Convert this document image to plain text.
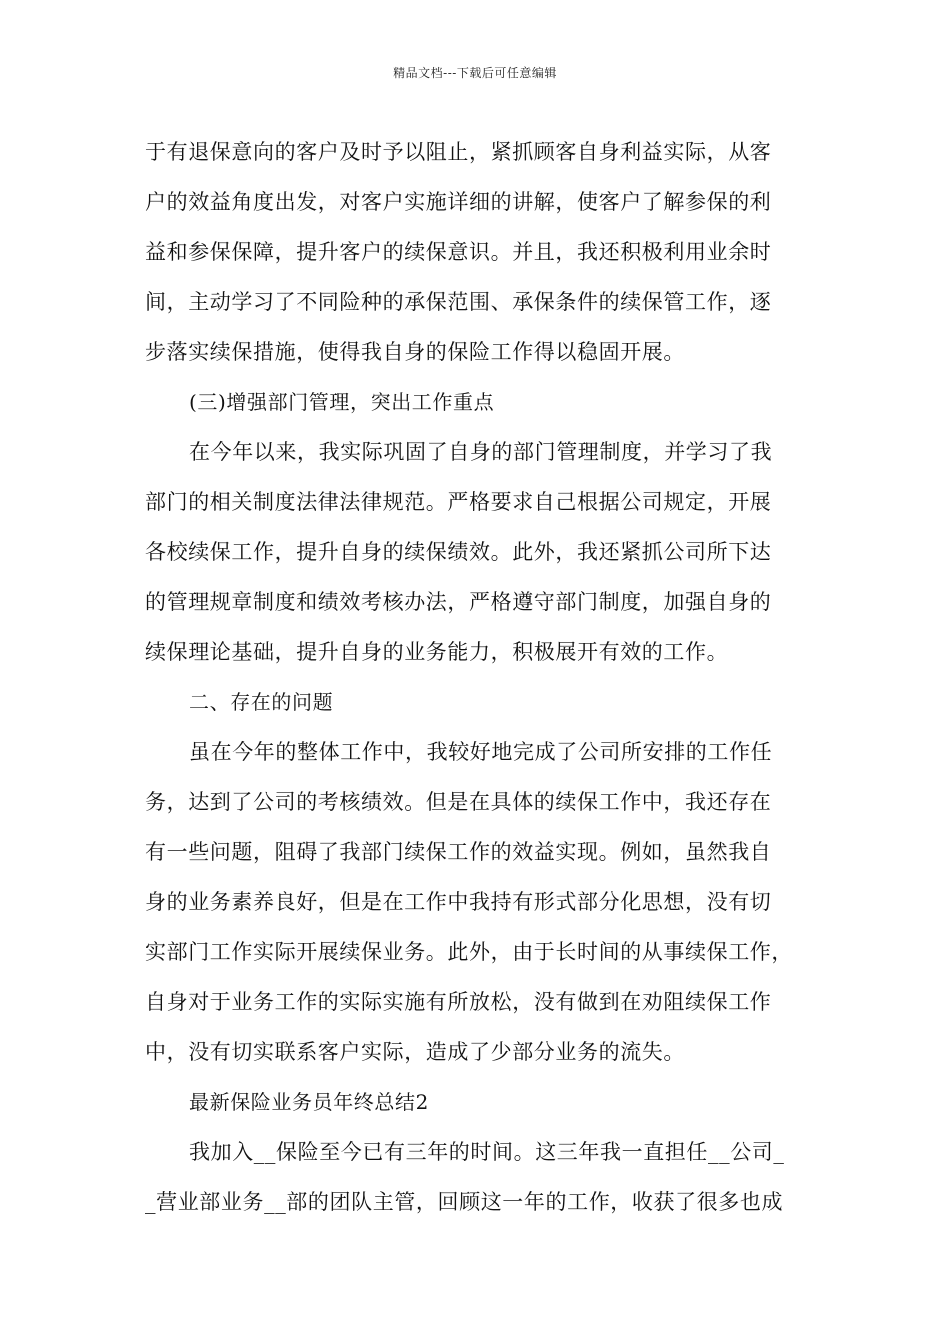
精品文档---下载后可任意编辑
于有退保意向的客户及时予以阻止，紧抓顾客自身利益实际，从客
户的效益角度出发，对客户实施详细的讲解，使客户了解参保的利
益和参保保障，提升客户的续保意识。并且，我还积极利用业余时
间，主动学习了不同险种的承保范围、承保条件的续保管工作，逐
步落实续保措施，使得我自身的保险工作得以稳固开展。
(三)增强部门管理，突出工作重点
在今年以来，我实际巩固了自身的部门管理制度，并学习了我
部门的相关制度法律法律规范。严格要求自己根据公司规定，开展
各校续保工作，提升自身的续保绩效。此外，我还紧抓公司所下达
的管理规章制度和绩效考核办法，严格遵守部门制度，加强自身的
续保理论基础，提升自身的业务能力，积极展开有效的工作。
二、存在的问题
虽在今年的整体工作中，我较好地完成了公司所安排的工作任
务，达到了公司的考核绩效。但是在具体的续保工作中，我还存在
有一些问题，阻碍了我部门续保工作的效益实现。例如，虽然我自
身的业务素养良好，但是在工作中我持有形式部分化思想，没有切
实部门工作实际开展续保业务。此外，由于长时间的从事续保工作，
自身对于业务工作的实际实施有所放松，没有做到在劝阻续保工作
中，没有切实联系客户实际，造成了少部分业务的流失。
最新保险业务员年终总结2
我加入__保险至今已有三年的时间。这三年我一直担任__公司_
_营业部业务__部的团队主管，回顾这一年的工作，收获了很多也成
